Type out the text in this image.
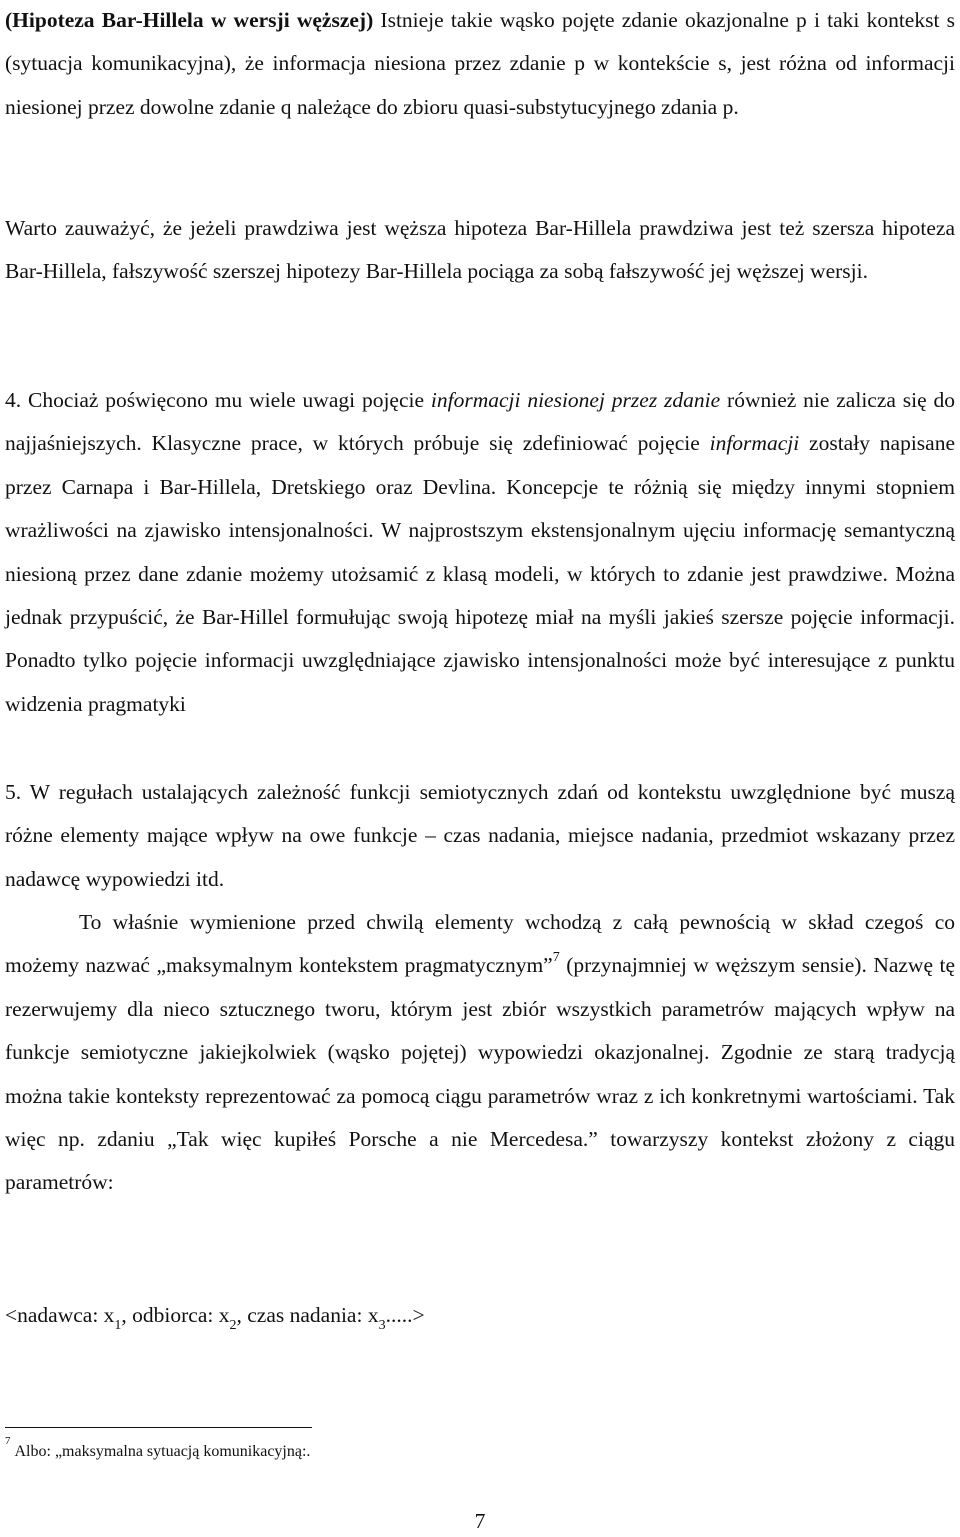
(Hipoteza Bar-Hillela w wersji węższej) Istnieje takie wąsko pojęte zdanie okazjonalne p i taki kontekst s (sytuacja komunikacyjna), że informacja niesiona przez zdanie p w kontekście s, jest różna od informacji niesionej przez dowolne zdanie q należące do zbioru quasi-substytucyjnego zdania p.

Warto zauważyć, że jeżeli prawdziwa jest węższa hipoteza Bar-Hillela prawdziwa jest też szersza hipoteza Bar-Hillela, fałszywość szerszej hipotezy Bar-Hillela pociąga za sobą fałszywość jej węższej wersji.

4. Chociaż poświęcono mu wiele uwagi pojęcie informacji niesionej przez zdanie również nie zalicza się do najjaśniejszych. Klasyczne prace, w których próbuje się zdefiniować pojęcie informacji zostały napisane przez Carnapa i Bar-Hillela, Dretskiego oraz Devlina. Koncepcje te różnią się między innymi stopniem wrażliwości na zjawisko intensjonalności. W najprostszym ekstensjonalnym ujęciu informację semantyczną niesioną przez dane zdanie możemy utożsamić z klasą modeli, w których to zdanie jest prawdziwe. Można jednak przypuścić, że Bar-Hillel formułując swoją hipotezę miał na myśli jakieś szersze pojęcie informacji. Ponadto tylko pojęcie informacji uwzględniające zjawisko intensjonalności może być interesujące z punktu widzenia pragmatyki

5. W regułach ustalających zależność funkcji semiotycznych zdań od kontekstu uwzględnione być muszą różne elementy mające wpływ na owe funkcje – czas nadania, miejsce nadania, przedmiot wskazany przez nadawcę wypowiedzi itd.

To właśnie wymienione przed chwilą elementy wchodzą z całą pewnością w skład czegoś co możemy nazwać „maksymalnym kontekstem pragmatycznym”$^7$ (przynajmniej w węższym sensie). Nazwę tę rezerwujemy dla nieco sztucznego tworu, którym jest zbiór wszystkich parametrów mających wpływ na funkcje semiotyczne jakiejkolwiek (wąsko pojętej) wypowiedzi okazjonalnej. Zgodnie ze starą tradycją można takie konteksty reprezentować za pomocą ciągu parametrów wraz z ich konkretnymi wartościami. Tak więc np. zdaniu „Tak więc kupiłeś Porsche a nie Mercedesa.” towarzyszy kontekst złożony z ciągu parametrów:

<nadawca: $x_1$, odbiorca: $x_2$, czas nadania: $x_3.....>$

$^7$Albo: „maksymalna sytuacją komunikacyjną:.

7
